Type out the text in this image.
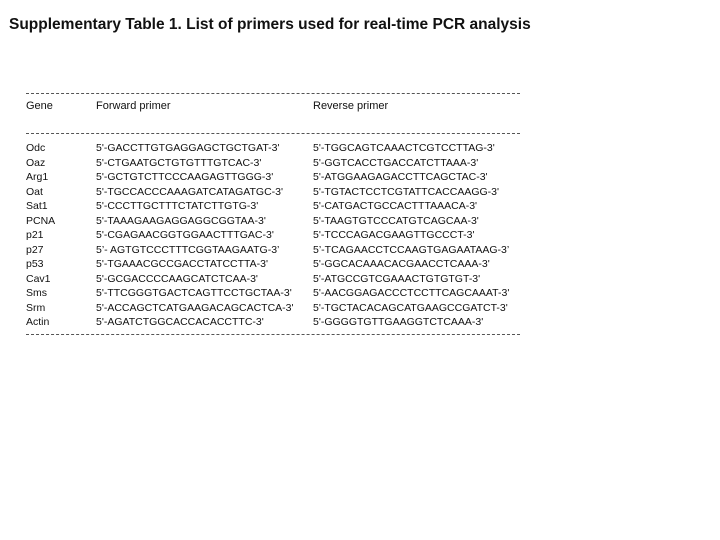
Supplementary Table 1. List of primers used for real-time PCR analysis
Gene	Forward primer	Reverse primer
Odc	5'-GACCTTGTGAGGAGCTGCTGAT-3'	5'-TGGCAGTCAAACTCGTCCTTAG-3'
Oaz	5'-CTGAATGCTGTGTTTGTCAC-3'	5'-GGTCACCTGACCATCTTAAA-3'
Arg1	5'-GCTGTCTTCCCAAGAGTTGGG-3'	5'-ATGGAAGAGACCTTCAGCTAC-3'
Oat	5'-TGCCACCCAAAGATCATAGATGC-3'	5'-TGTACTCCTCGTATTCACCAAGG-3'
Sat1	5'-CCCTTGCTTTCTATCTTGTG-3'	5'-CATGACTGCCACTTTAAACA-3'
PCNA	5'-TAAAGAAGAGGAGGCGGTAA-3'	5'-TAAGTGTCCCATGTCAGCAA-3'
p21	5'-CGAGAACGGTGGAACTTTGAC-3'	5'-TCCCAGACGAAGTTGCCCT-3'
p27	5’- AGTGTCCCTTTCGGTAAGAATG-3’	5’-TCAGAACCTCCAAGTGAGAATAAG-3’
p53	5'-TGAAACGCCGACCTATCCTTA-3'	5'-GGCACAAACACGAACCTCAAA-3'
Cav1	5'-GCGACCCCAAGCATCTCAA-3'	5'-ATGCCGTCGAAACTGTGTGT-3'
Sms	5'-TTCGGGTGACTCAGTTCCTGCTAA-3' 5'-AACGGAGACCCTCCTTCAGCAAAT-3'
Srm	5'-ACCAGCTCATGAAGACAGCACTCA-3' 5'-TGCTACACAGCATGAAGCCGATCT-3'
Actin	5'-AGATCTGGCACCACACCTTC-3'	5'-GGGGTGTTGAAGGTCTCAAA-3'
